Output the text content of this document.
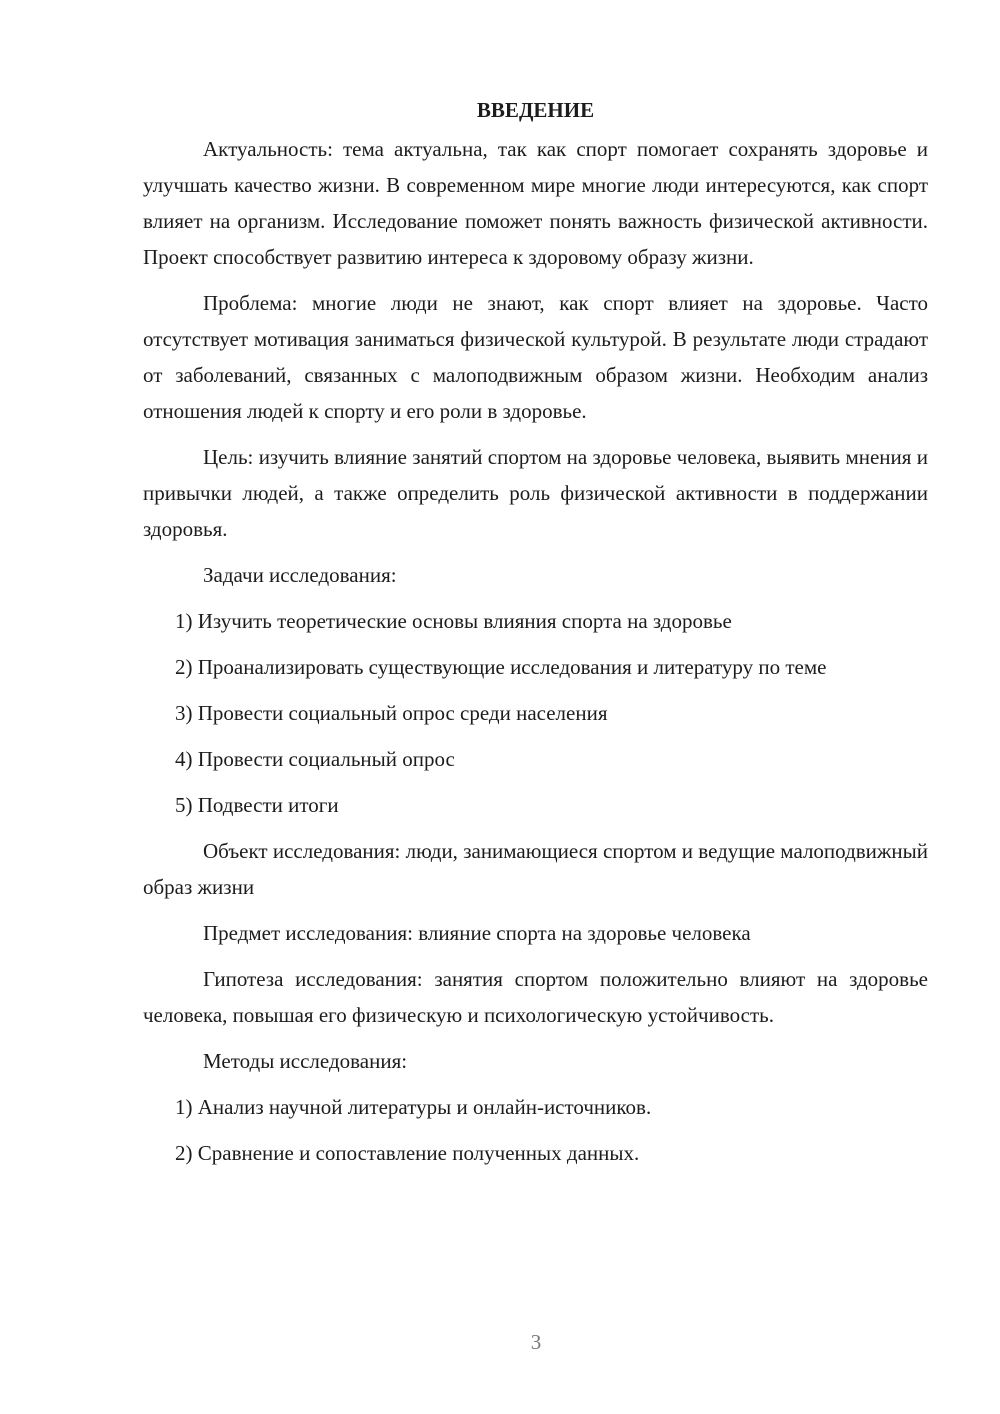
ВВЕДЕНИЕ

Актуальность: тема актуальна, так как спорт помогает сохранять здоровье и улучшать качество жизни. В современном мире многие люди интересуются, как спорт влияет на организм. Исследование поможет понять важность физической активности. Проект способствует развитию интереса к здоровому образу жизни.

Проблема: многие люди не знают, как спорт влияет на здоровье. Часто отсутствует мотивация заниматься физической культурой. В результате люди страдают от заболеваний, связанных с малоподвижным образом жизни. Необходим анализ отношения людей к спорту и его роли в здоровье.

Цель: изучить влияние занятий спортом на здоровье человека, выявить мнения и привычки людей, а также определить роль физической активности в поддержании здоровья.

Задачи исследования:

1) Изучить теоретические основы влияния спорта на здоровье

2) Проанализировать существующие исследования и литературу по теме

3) Провести социальный опрос среди населения

4) Провести социальный опрос

5) Подвести итоги

Объект исследования: люди, занимающиеся спортом и ведущие малоподвижный образ жизни

Предмет исследования: влияние спорта на здоровье человека

Гипотеза исследования: занятия спортом положительно влияют на здоровье человека, повышая его физическую и психологическую устойчивость.

Методы исследования:

1) Анализ научной литературы и онлайн-источников.

2) Сравнение и сопоставление полученных данных.

3
